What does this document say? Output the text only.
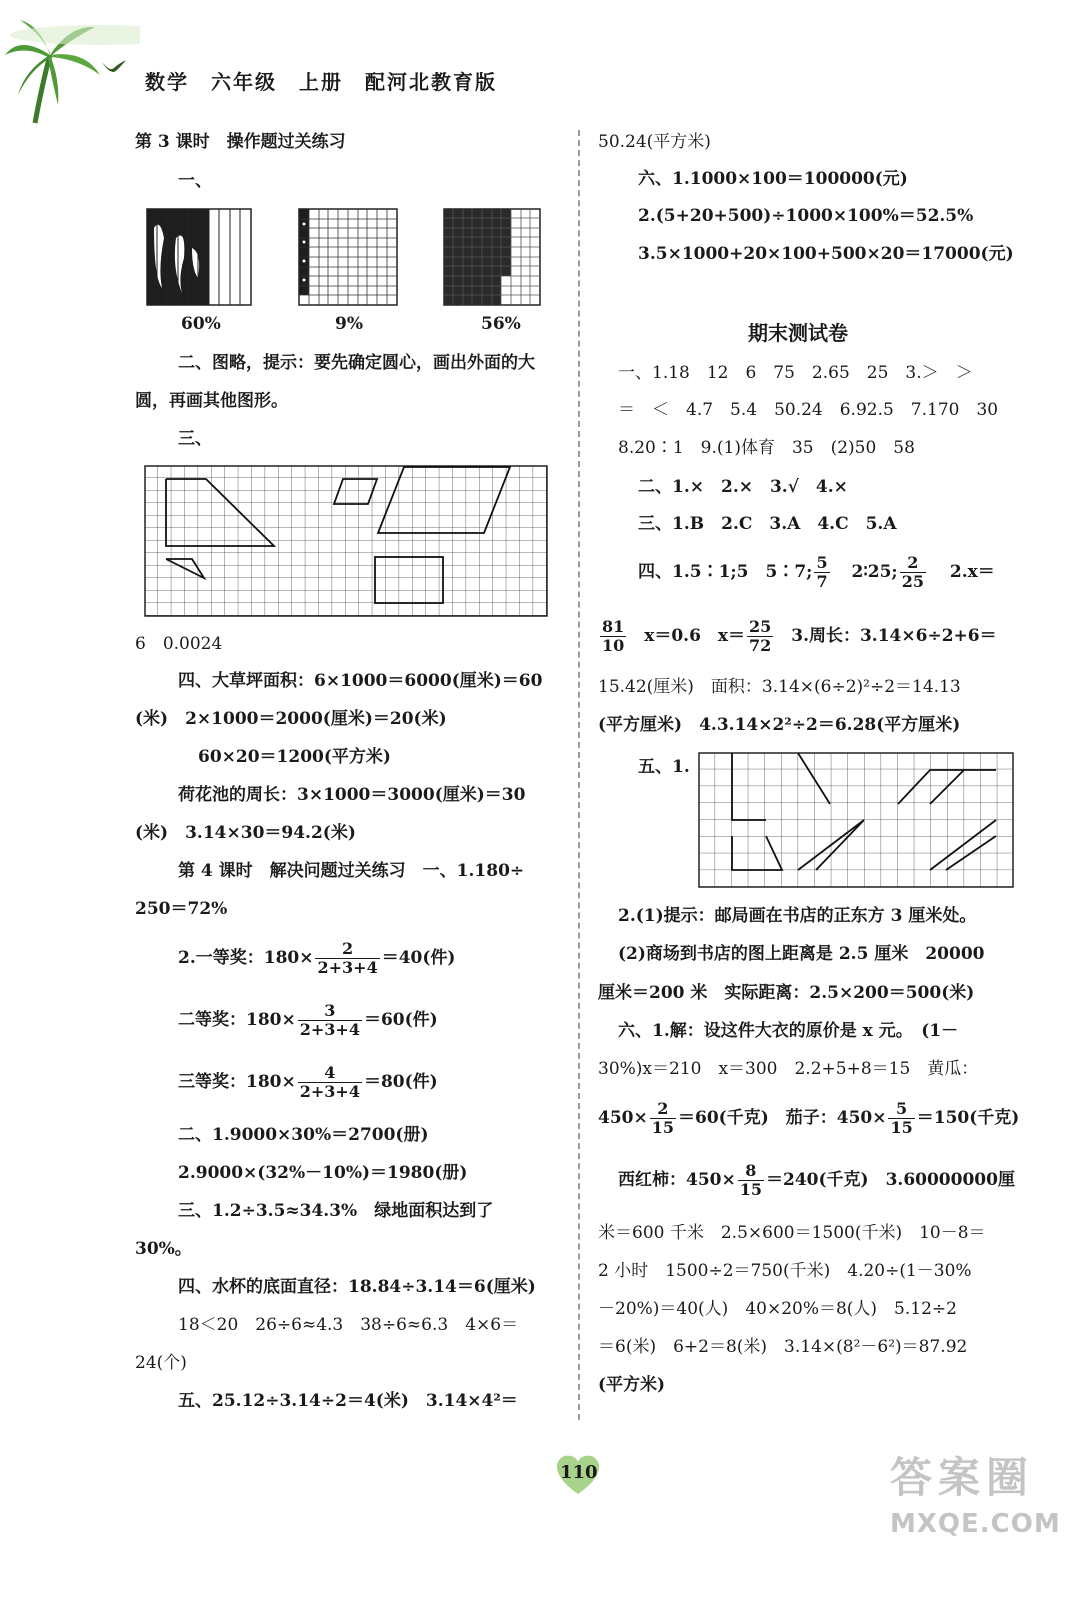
数学　六年级　上册　配河北教育版
第 3 课时　操作题过关练习
一、
60%	9%	56%
二、图略，提示：要先确定圆心，画出外面的大
圆，再画其他图形。
三、
6　0.0024
四、大草坪面积：6×1000＝6000(厘米)＝60
(米)　2×1000＝2000(厘米)＝20(米)
60×20＝1200(平方米)
荷花池的周长：3×1000＝3000(厘米)＝30
(米)　3.14×30＝94.2(米)
第 4 课时　解决问题过关练习　一、1.180÷
250＝72%
2.一等奖：$180\times \frac{2}{2+3+4} =40$(件)
二等奖：$180\times \frac{3}{2+3+4} =60$(件)
三等奖：$180\times \frac{4}{2+3+4} =80$(件)
二、1.9000×30%＝2700(册)
2.9000×(32%－10%)＝1980(册)
三、1.2÷3.5≈34.3%　绿地面积达到了
30%。
四、水杯的底面直径：18.84÷3.14＝6(厘米)
18＜20　26÷6≈4.3　38÷6≈6.3　4×6＝
24(个)
五、25.12÷3.14÷2＝4(米)　3.14×4²＝
50.24(平方米)
六、1.1000×100＝100000(元)
2.(5+20+500)÷1000×100%＝52.5%
3.5×1000+20×100+500×20＝17000(元)
期末测试卷
一、1.18　12　6　75　2.65　25　3.＞　＞
＝　＜　4.7　5.4　50.24　6.92.5　7.170　30
8.20∶1　9.(1)体育　35　(2)50　58
二、1.×　2.×　3.√　4.×
三、1.B　2.C　3.A　4.C　5.A
四、1.5∶1;5　5∶7; $\frac{5}{7}$ 2∶25; $\frac{2}{25} 2.x=$
$\frac{81}{10} x=0.6$　$x= \frac{25}{72} 3$.周长：3.14×6÷2+6＝
15.42(厘米)　面积：3.14×(6÷2)²÷2＝14.13
(平方厘米)　4.3.14×2²÷2＝6.28(平方厘米)
五、1.
2.(1)提示：邮局画在书店的正东方 3 厘米处。
(2)商场到书店的图上距离是 2.5 厘米　20000
厘米＝200 米　实际距离：2.5×200＝500(米)
六、1.解：设这件大衣的原价是 x 元。　(1－
30%)x＝210　x＝300　2.2+5+8＝15　黄瓜：
$450\times \frac{2}{15} =60$(千克)　茄子：$450\times \frac{5}{15} =150$(千克)
西红柿：$450\times \frac{8}{15} =240$(千克)　3.60000000厘
米＝600 千米　2.5×600＝1500(千米)　10－8＝
2 小时　1500÷2＝750(千米)　4.20÷(1－30%
－20%)＝40(人)　40×20%＝8(人)　5.12÷2
＝6(米)　6+2＝8(米)　3.14×(8²－6²)＝87.92
(平方米)
110	答案圈
MXQE.COM
